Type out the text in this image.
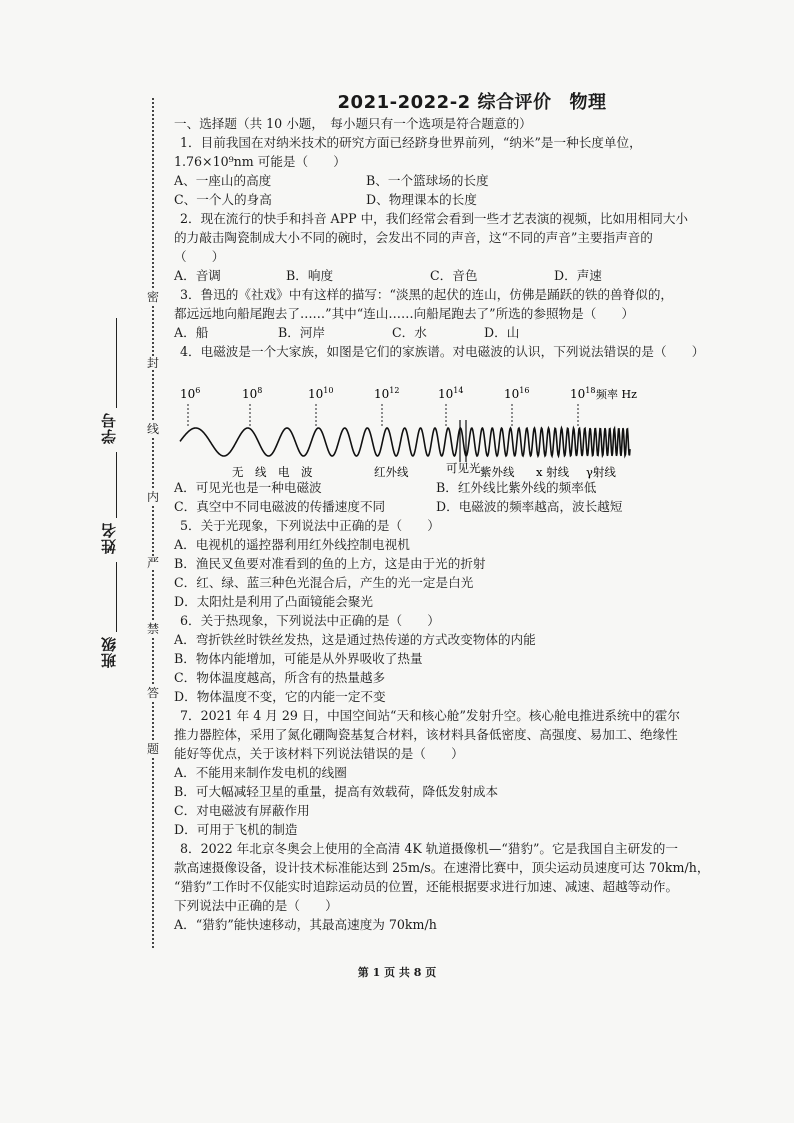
密
封
线
内
严
禁
答
题
学号
姓名
班级
2021-2022-2 综合评价 物理
一、选择题（共 10 小题，　每小题只有一个选项是符合题意的）
1．目前我国在对纳米技术的研究方面已经跻身世界前列，“纳米”是一种长度单位，
1.76×10⁹nm 可能是（　　）
A、一座山的高度	B、一个篮球场的长度
C、一个人的身高	D、物理课本的长度
2．现在流行的快手和抖音 APP 中，我们经常会看到一些才艺表演的视频，比如用相同大小
的力敲击陶瓷制成大小不同的碗时，会发出不同的声音，这“不同的声音”主要指声音的
（　　）
A．音调	B．响度	C．音色	D．声速
3．鲁迅的《社戏》中有这样的描写：“淡黑的起伏的连山，仿佛是踊跃的铁的兽脊似的，
都远远地向船尾跑去了……”其中“连山……向船尾跑去了”所选的参照物是（　　）
A．船	B．河岸	C．水	D．山
4．电磁波是一个大家族，如图是它们的家族谱。对电磁波的认识，下列说法错误的是（　　）
A．可见光也是一种电磁波	B．红外线比紫外线的频率低
C．真空中不同电磁波的传播速度不同	D．电磁波的频率越高，波长越短
5．关于光现象，下列说法中正确的是（　　）
A．电视机的遥控器利用红外线控制电视机
B．渔民叉鱼要对准看到的鱼的上方，这是由于光的折射
C．红、绿、蓝三种色光混合后，产生的光一定是白光
D．太阳灶是利用了凸面镜能会聚光
6．关于热现象，下列说法中正确的是（　　）
A．弯折铁丝时铁丝发热，这是通过热传递的方式改变物体的内能
B．物体内能增加，可能是从外界吸收了热量
C．物体温度越高，所含有的热量越多
D．物体温度不变，它的内能一定不变
7．2021 年 4 月 29 日，中国空间站“天和核心舱”发射升空。核心舱电推进系统中的霍尔
推力器腔体，采用了氮化硼陶瓷基复合材料，该材料具备低密度、高强度、易加工、绝缘性
能好等优点，关于该材料下列说法错误的是（　　）
A．不能用来制作发电机的线圈
B．可大幅减轻卫星的重量，提高有效载荷，降低发射成本
C．对电磁波有屏蔽作用
D．可用于飞机的制造
8．2022 年北京冬奥会上使用的全高清 4K 轨道摄像机—“猎豹”。它是我国自主研发的一
款高速摄像设备，设计技术标准能达到 25m/s。在速滑比赛中，顶尖运动员速度可达 70km/h，
“猎豹”工作时不仅能实时追踪运动员的位置，还能根据要求进行加速、减速、超越等动作。
下列说法中正确的是（　　）
A．“猎豹”能快速移动，其最高速度为 70km/h
$10^6$	$10^8$	$10^{10}$	$10^{12}$	$10^{14}$	$10^{16}$	$10^{18}$ 频率 Hz
无　线　电　波	红外线	可见光 紫外线 x 射线 γ射线
第 1 页 共 8 页
